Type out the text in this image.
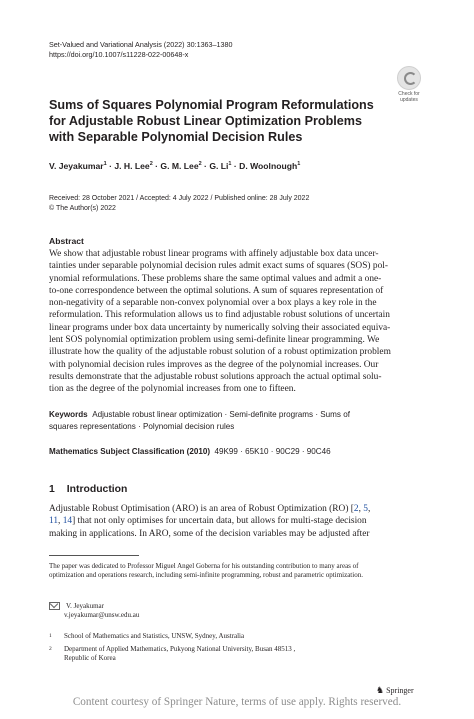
Set-Valued and Variational Analysis (2022) 30:1363–1380
https://doi.org/10.1007/s11228-022-00648-x
Check for
updates
Sums of Squares Polynomial Program Reformulations for Adjustable Robust Linear Optimization Problems with Separable Polynomial Decision Rules
V. Jeyakumar$^1$ · J. H. Lee$^2$ · G. M. Lee$^2$ · G. $Li^1 \cdot D$. Woolnough$^1$
Received: 28 October 2021 / Accepted: 4 July 2022 / Published online: 28 July 2022
© The Author(s) 2022
Abstract
We show that adjustable robust linear programs with affinely adjustable box data uncer-
tainties under separable polynomial decision rules admit exact sums of squares (SOS) pol-
ynomial reformulations. These problems share the same optimal values and admit a one-
to-one correspondence between the optimal solutions. A sum of squares representation of
non-negativity of a separable non-convex polynomial over a box plays a key role in the
reformulation. This reformulation allows us to find adjustable robust solutions of uncertain
linear programs under box data uncertainty by numerically solving their associated equiva-
lent SOS polynomial optimization problem using semi-definite linear programming. We
illustrate how the quality of the adjustable robust solution of a robust optimization problem
with polynomial decision rules improves as the degree of the polynomial increases. Our
results demonstrate that the adjustable robust solutions approach the actual optimal solu-
tion as the degree of the polynomial increases from one to fifteen.
Keywords Adjustable robust linear optimization · Semi-definite programs · Sums of
squares representations · Polynomial decision rules
Mathematics Subject Classification (2010) 49K99 · 65K10 · 90C29 · 90C46
1 Introduction
Adjustable Robust Optimisation (ARO) is an area of Robust Optimization (RO) [2, 5,
11, 14] that not only optimises for uncertain data, but allows for multi-stage decision
making in applications. In ARO, some of the decision variables may be adjusted after
The paper was dedicated to Professor Miguel Angel Goberna for his outstanding contribution to many areas of optimization and operations research, including semi-infinite programming, robust and parametric optimization.
V. Jeyakumar
v.jeyakumar@unsw.edu.au
1 School of Mathematics and Statistics, UNSW, Sydney, Australia
2 Department of Applied Mathematics, Pukyong National University, Busan 48513 ,
Republic of Korea
♞ Springer
Content courtesy of Springer Nature, terms of use apply. Rights reserved.
